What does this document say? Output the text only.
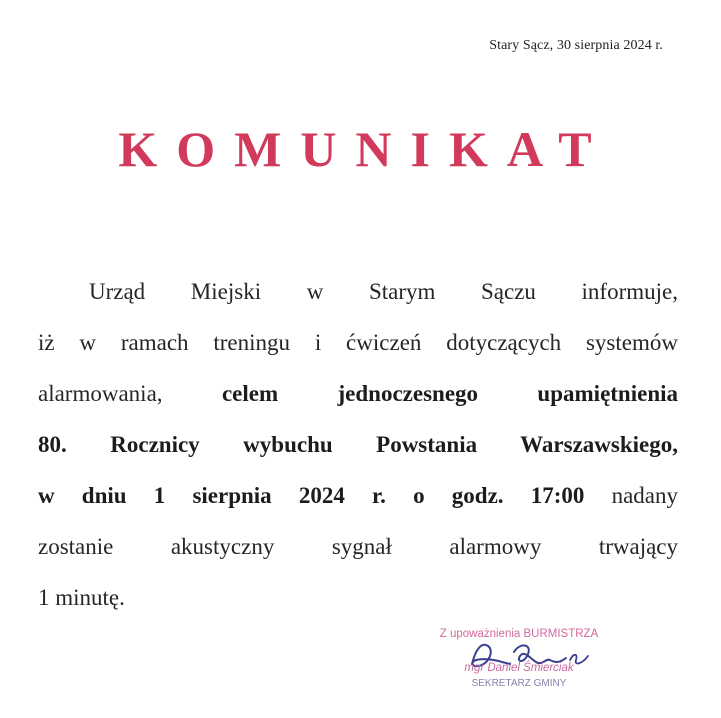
Stary Sącz, 30 sierpnia 2024 r.
KOMUNIKAT
Urząd Miejski w Starym Sączu informuje,
iż w ramach treningu i ćwiczeń dotyczących systemów
alarmowania,	celem jednoczesnego upamiętnienia
80. Rocznicy wybuchu Powstania Warszawskiego,
w dniu 1 sierpnia 2024 r. o godz. 17:00 nadany
zostanie akustyczny sygnał alarmowy trwający
1 minutę.
Z upoważnienia BURMISTRZA
mgr Daniel Śmierciak
SEKRETARZ GMINY
